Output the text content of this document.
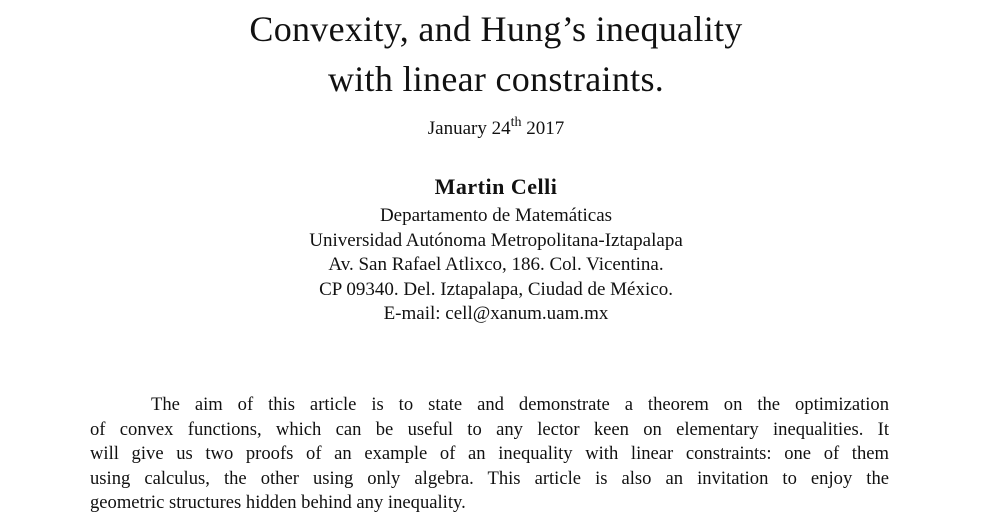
Convexity, and Hung’s inequality
with linear constraints.
January 24th 2017
Martin Celli
Departamento de Matemáticas
Universidad Autónoma Metropolitana-Iztapalapa
Av. San Rafael Atlixco, 186. Col. Vicentina.
CP 09340. Del. Iztapalapa, Ciudad de México.
E-mail: cell@xanum.uam.mx
The aim of this article is to state and demonstrate a theorem on the optimization
of convex functions, which can be useful to any lector keen on elementary inequalities. It
will give us two proofs of an example of an inequality with linear constraints: one of them
using calculus, the other using only algebra. This article is also an invitation to enjoy the
geometric structures hidden behind any inequality.
